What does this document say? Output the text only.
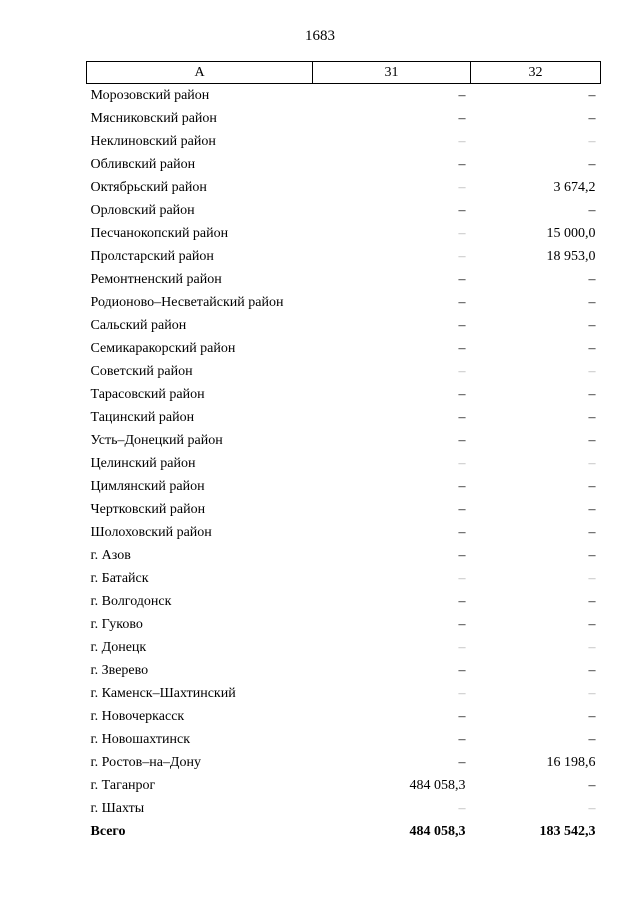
1683
А	31	32
Морозовский район	–	–
Мясниковский район	–	–
Неклиновский район	–	–
Обливский район	–	–
Октябрьский район	–	3 674,2
Орловский район	–	–
Песчанокопский район	–	15 000,0
Пролстарский район	–	18 953,0
Ремонтненский район	–	–
Родионово–Несветайский район	–	–
Сальский район	–	–
Семикаракорский район	–	–
Советский район	–	–
Тарасовский район	–	–
Тацинский район	–	–
Усть–Донецкий район	–	–
Целинский район	–	–
Цимлянский район	–	–
Чертковский район	–	–
Шолоховский район	–	–
г. Азов	–	–
г. Батайск	–	–
г. Волгодонск	–	–
г. Гуково	–	–
г. Донецк	–	–
г. Зверево	–	–
г. Каменск–Шахтинский	–	–
г. Новочеркасск	–	–
г. Новошахтинск	–	–
г. Ростов–на–Дону	–	16 198,6
г. Таганрог	484 058,3	–
г. Шахты	–	–
Всего	484 058,3	183 542,3
